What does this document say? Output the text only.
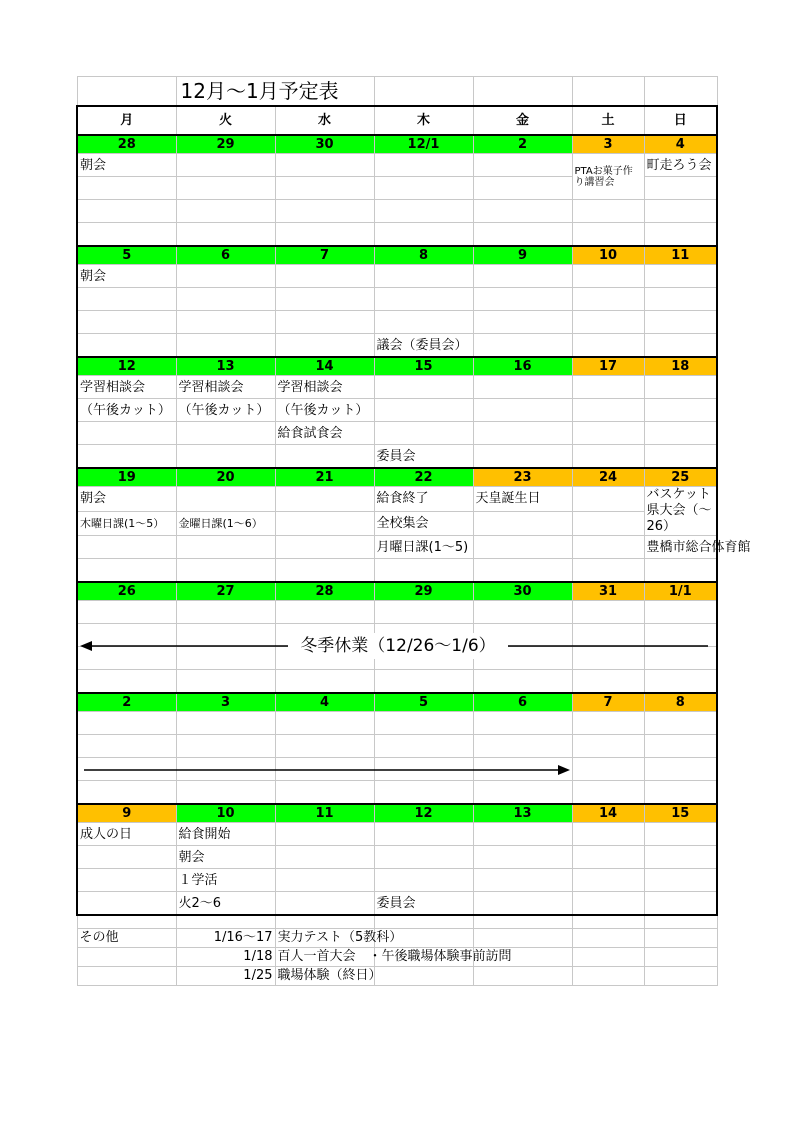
	12月～1月予定表					
月	火	水	木	金	土	日
28	29	30	12/1	2	3	4
朝会					PTAお菓子作り講習会	町走ろう会

5	6	7	8	9	10	11
朝会						

			議会（委員会）			
12	13	14	15	16	17	18
学習相談会	学習相談会	学習相談会				
（午後カット）	（午後カット）	（午後カット）				
		給食試食会				
			委員会			
19	20	21	22	23	24	25
朝会			給食終了	天皇誕生日		バスケット県大会（～26）
木曜日課(1～5）	金曜日課(1～6）		全校集会			
			月曜日課(1～5)			豊橋市総合体育館

26	27	28	29	30	31	1/1

2	3	4	5	6	7	8

9	10	11	12	13	14	15
成人の日	給食開始					
	朝会					
	１学活					
	火2～6		委員会			

その他	1/16～17	実力テスト（5教科）				
	1/18	百人一首大会　・午後職場体験事前訪問				
	1/25	職場体験（終日）				
冬季休業（12/26～1/6）
